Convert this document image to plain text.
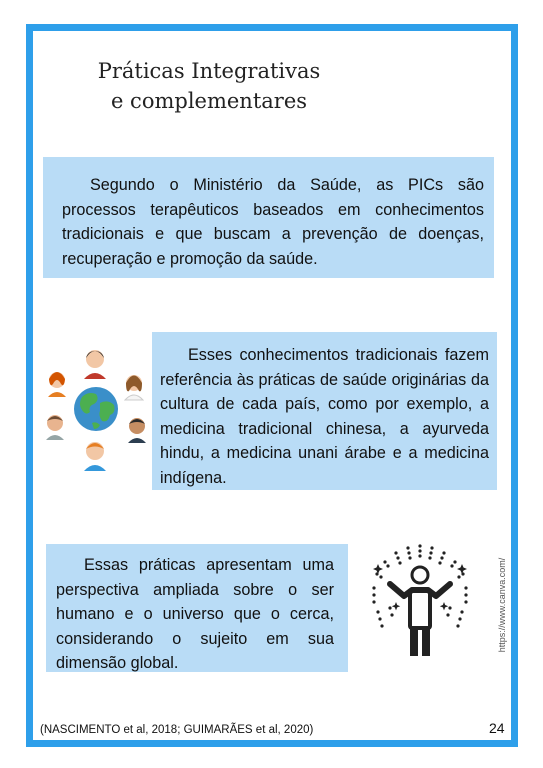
Práticas Integrativas e complementares

Segundo o Ministério da Saúde, as PICs são processos terapêuticos baseados em conhecimentos tradicionais e que buscam a prevenção de doenças, recuperação e promoção da saúde.

Esses conhecimentos tradicionais fazem referência às práticas de saúde originárias da cultura de cada país, como por exemplo, a medicina tradicional chinesa, a ayurveda hindu, a medicina unani árabe e a medicina indígena.

Essas práticas apresentam uma perspectiva ampliada sobre o ser humano e o universo que o cerca, considerando o sujeito em sua dimensão global.

https://www.canva.com/
(NASCIMENTO et al, 2018; GUIMARÃES et al, 2020)	24
